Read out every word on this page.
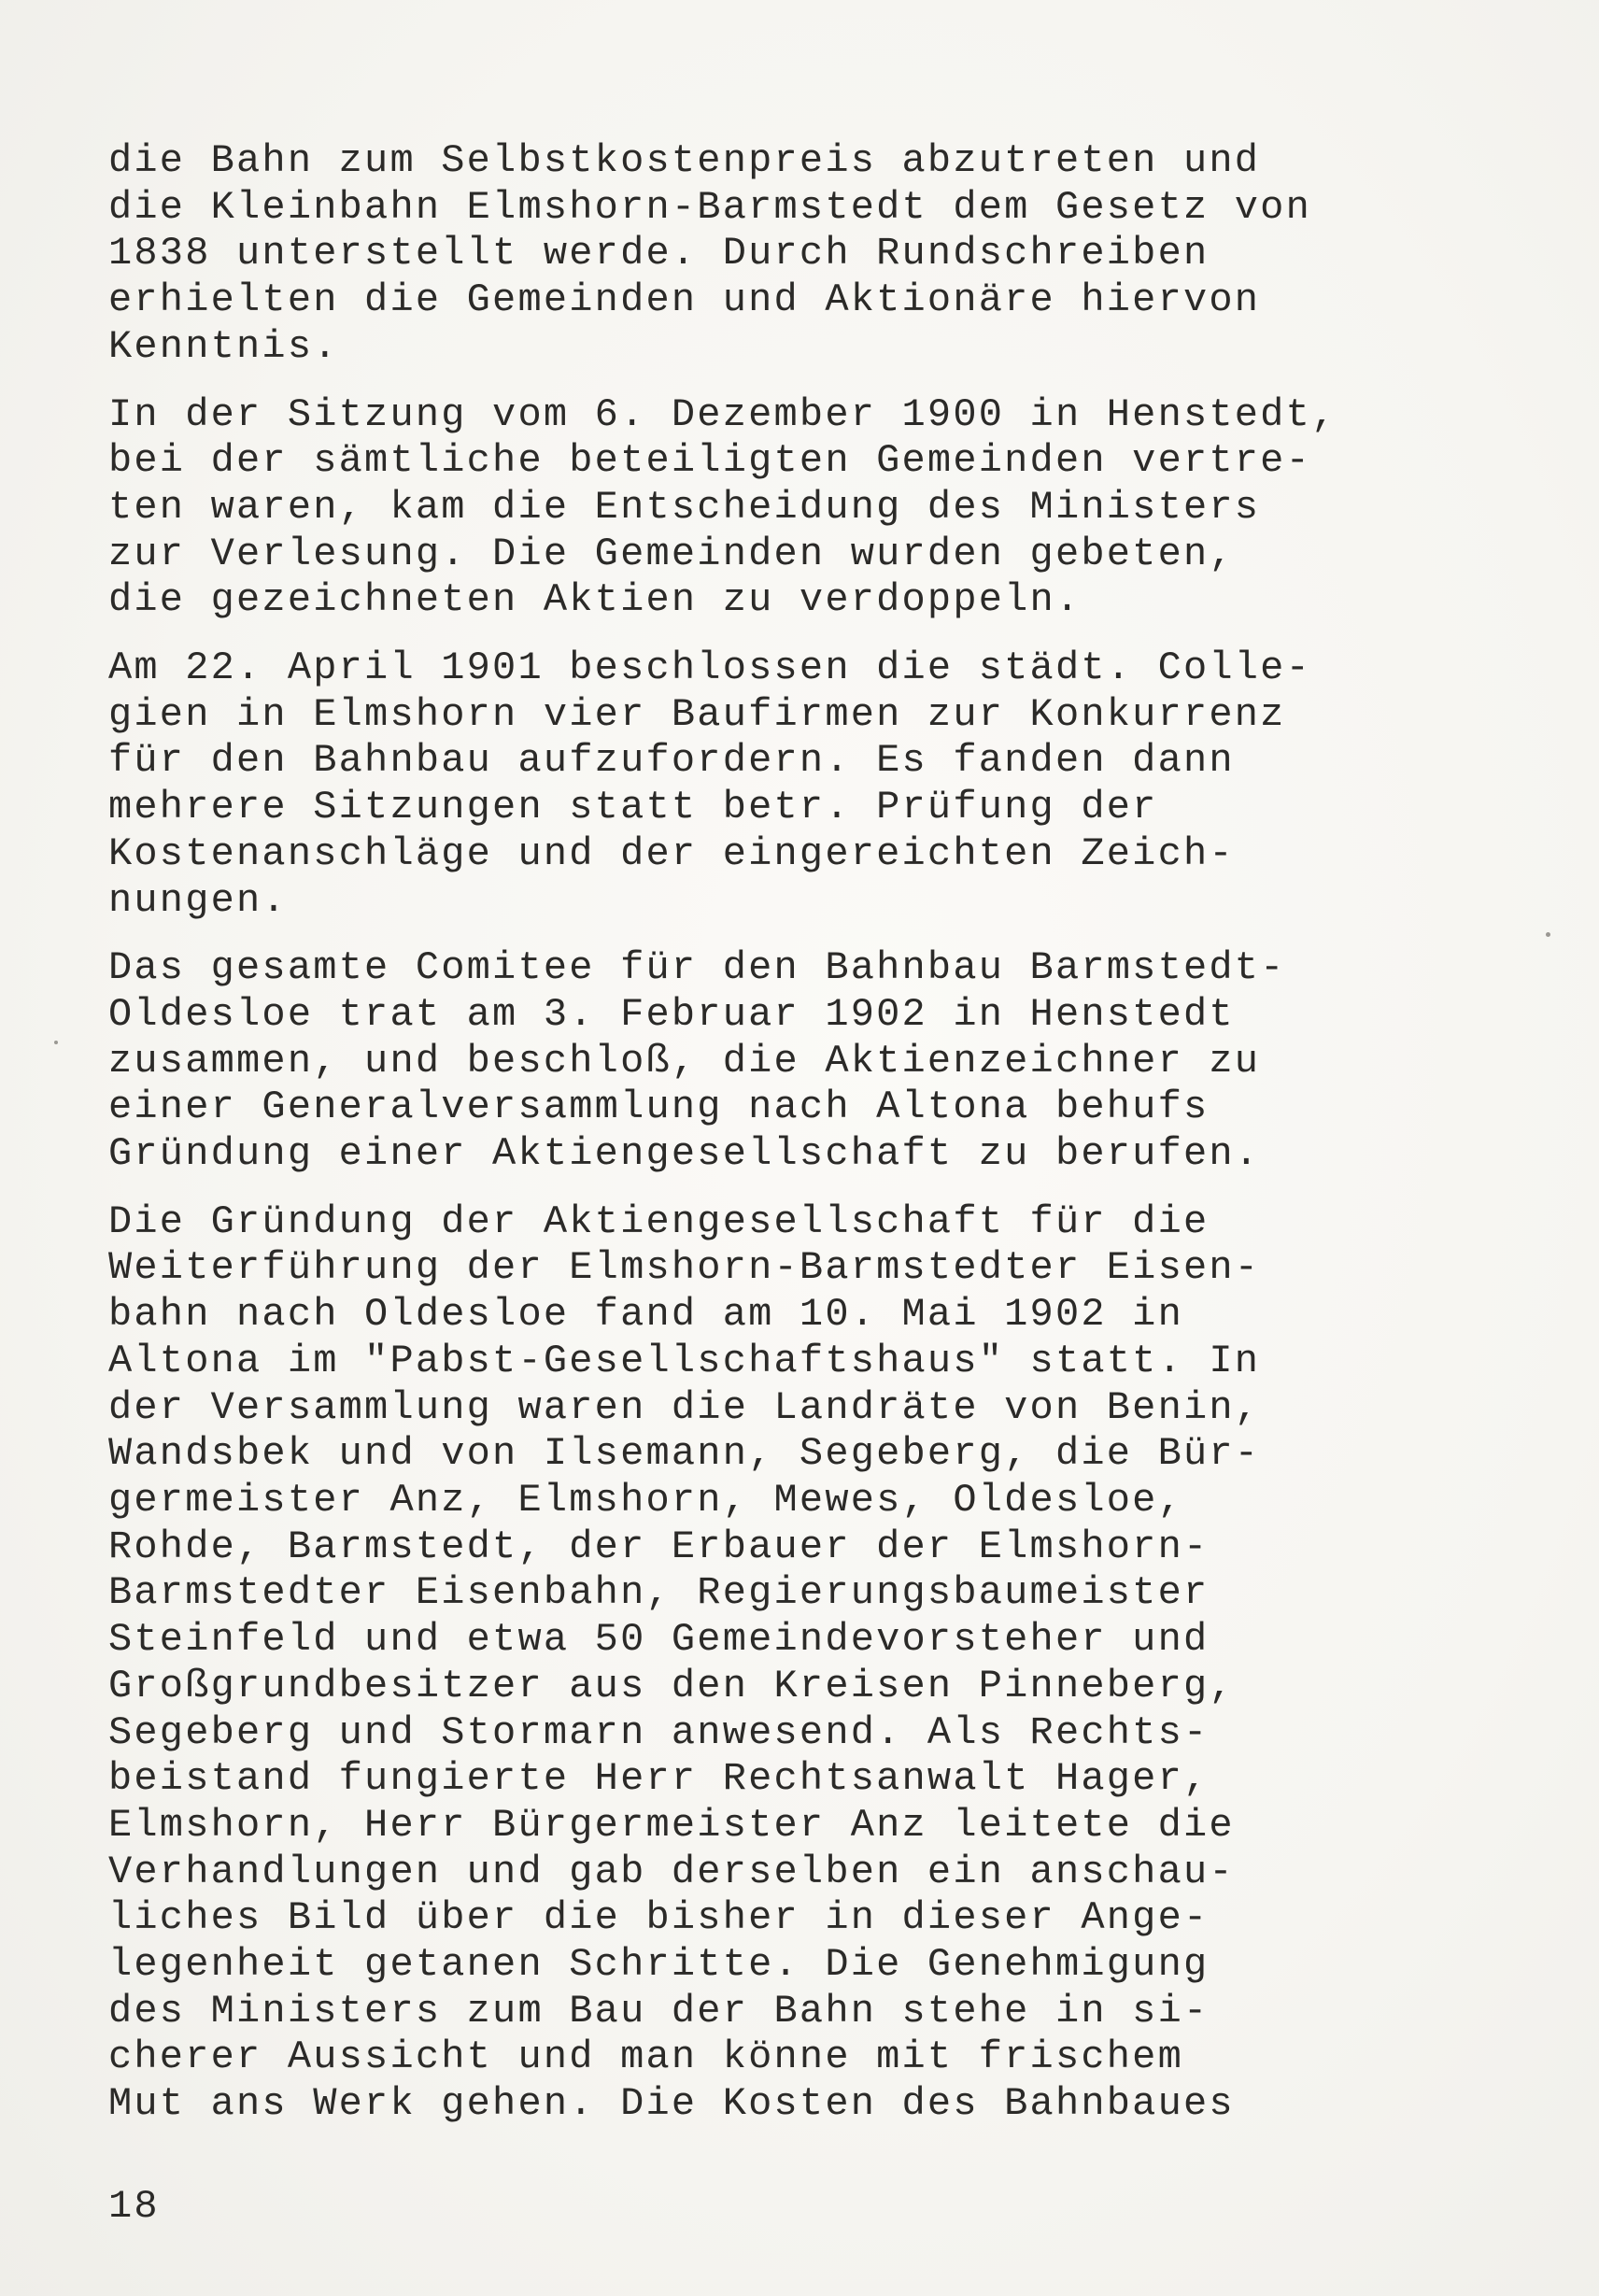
die Bahn zum Selbstkostenpreis abzutreten und
die Kleinbahn Elmshorn-Barmstedt dem Gesetz von
1838 unterstellt werde. Durch Rundschreiben
erhielten die Gemeinden und Aktionäre hiervon
Kenntnis.

In der Sitzung vom 6. Dezember 1900 in Henstedt,
bei der sämtliche beteiligten Gemeinden vertre-
ten waren, kam die Entscheidung des Ministers
zur Verlesung. Die Gemeinden wurden gebeten,
die gezeichneten Aktien zu verdoppeln.

Am 22. April 1901 beschlossen die städt. Colle-
gien in Elmshorn vier Baufirmen zur Konkurrenz
für den Bahnbau aufzufordern. Es fanden dann
mehrere Sitzungen statt betr. Prüfung der
Kostenanschläge und der eingereichten Zeich-
nungen.

Das gesamte Comitee für den Bahnbau Barmstedt-
Oldesloe trat am 3. Februar 1902 in Henstedt
zusammen, und beschloß, die Aktienzeichner zu
einer Generalversammlung nach Altona behufs
Gründung einer Aktiengesellschaft zu berufen.

Die Gründung der Aktiengesellschaft für die
Weiterführung der Elmshorn-Barmstedter Eisen-
bahn nach Oldesloe fand am 10. Mai 1902 in
Altona im "Pabst-Gesellschaftshaus" statt. In
der Versammlung waren die Landräte von Benin,
Wandsbek und von Ilsemann, Segeberg, die Bür-
germeister Anz, Elmshorn, Mewes, Oldesloe,
Rohde, Barmstedt, der Erbauer der Elmshorn-
Barmstedter Eisenbahn, Regierungsbaumeister
Steinfeld und etwa 50 Gemeindevorsteher und
Großgrundbesitzer aus den Kreisen Pinneberg,
Segeberg und Stormarn anwesend. Als Rechts-
beistand fungierte Herr Rechtsanwalt Hager,
Elmshorn, Herr Bürgermeister Anz leitete die
Verhandlungen und gab derselben ein anschau-
liches Bild über die bisher in dieser Ange-
legenheit getanen Schritte. Die Genehmigung
des Ministers zum Bau der Bahn stehe in si-
cherer Aussicht und man könne mit frischem
Mut ans Werk gehen. Die Kosten des Bahnbaues

18
